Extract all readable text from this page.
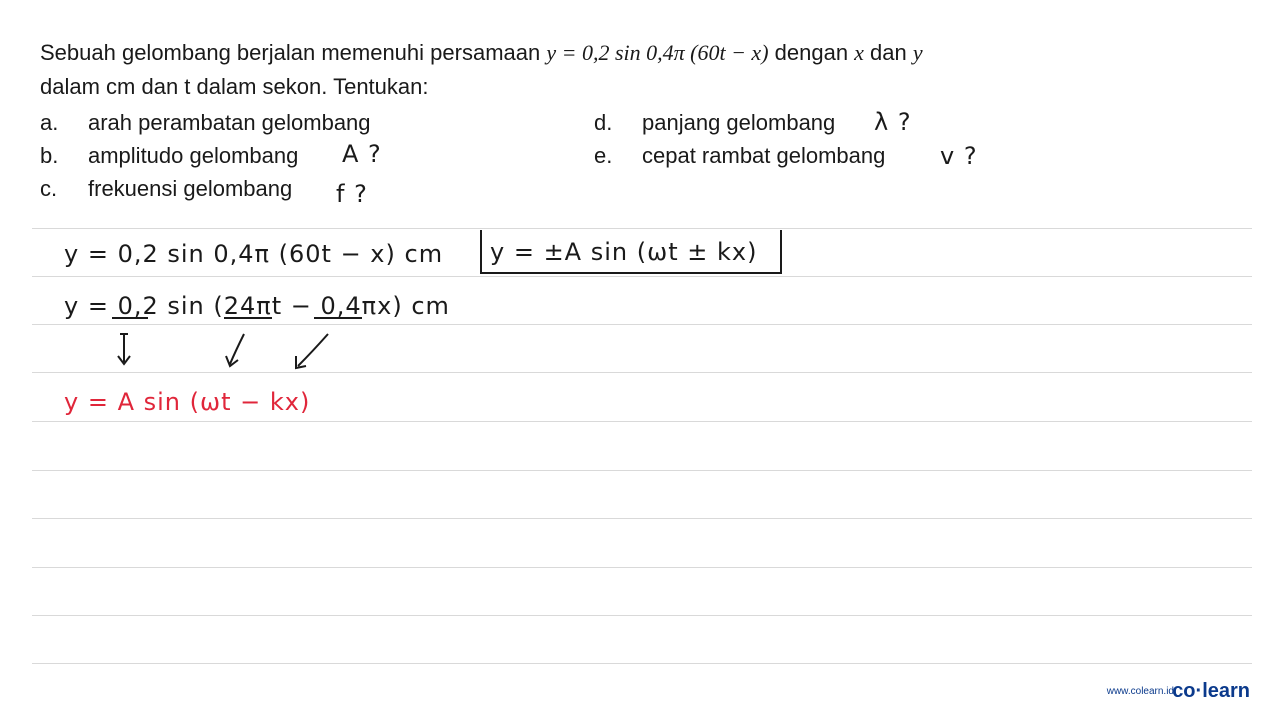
Sebuah gelombang berjalan memenuhi persamaan y = 0,2 sin 0,4π (60t − x) dengan x dan y
dalam cm dan t dalam sekon. Tentukan:
a. arah perambatan gelombang
b. amplitudo gelombang
c. frekuensi gelombang
d. panjang gelombang
e. cepat rambat gelombang
A ?
f ?
λ ?
v ?
y = 0,2 sin 0,4π (60t − x) cm y = ±A sin (ωt ± kx)
y = 0,2 sin (24πt − 0,4πx) cm
y = A sin (ωt − kx)
www.colearn.id
co·learn
